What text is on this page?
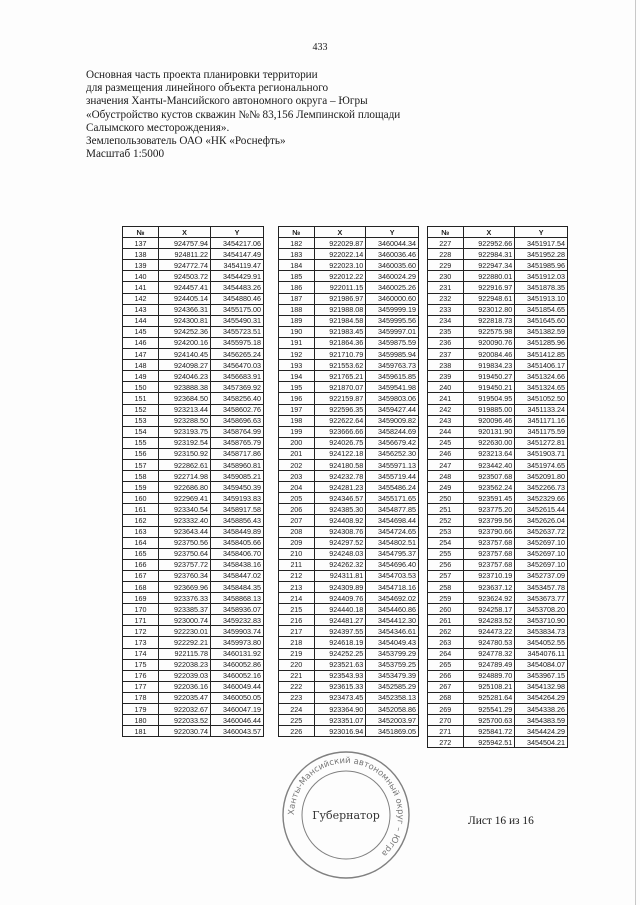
433
Основная часть проекта планировки территории
для размещения линейного объекта регионального
значения Ханты-Мансийского автономного округа – Югры
«Обустройство кустов скважин №№ 83,156 Лемпинской площади
Салымского месторождения».
Землепользователь ОАО «НК «Роснефть»
Масштаб 1:5000
№	X	Y
137	924757.94	3454217.06
138	924811.22	3454147.49
139	924772.74	3454119.47
140	924503.72	3454429.91
141	924457.41	3454483.26
142	924405.14	3454880.46
143	924366.31	3455175.00
144	924300.81	3455490.31
145	924252.36	3455723.51
146	924200.16	3455975.18
147	924140.45	3456265.24
148	924098.27	3456470.03
149	924046.23	3456683.91
150	923888.38	3457369.92
151	923684.50	3458256.40
152	923213.44	3458602.76
153	923288.50	3458696.63
154	923193.75	3458764.99
155	923192.54	3458765.79
156	923150.92	3458717.86
157	922862.61	3458960.81
158	922714.98	3459085.21
159	922686.80	3459450.39
160	922969.41	3459193.83
161	923340.54	3458917.58
162	923332.40	3458856.43
163	923643.44	3458449.89
164	923750.56	3458405.66
165	923750.64	3458406.70
166	923757.72	3458438.16
167	923760.34	3458447.02
168	923669.96	3458484.35
169	923376.33	3458868.13
170	923385.37	3458936.07
171	923000.74	3459232.83
172	922230.01	3459903.74
173	922292.21	3459973.80
174	922115.78	3460131.92
175	922038.23	3460052.86
176	922039.03	3460052.16
177	922036.16	3460049.44
178	922035.47	3460050.05
179	922032.67	3460047.19
180	922033.52	3460046.44
181	922030.74	3460043.57
№	X	Y
182	922029.87	3460044.34
183	922022.14	3460036.46
184	922023.10	3460035.60
185	922012.22	3460024.29
186	922011.15	3460025.26
187	921986.97	3460000.60
188	921988.08	3459999.19
189	921984.58	3459995.56
190	921983.45	3459997.01
191	921864.36	3459875.59
192	921710.79	3459985.94
193	921553.62	3459763.73
194	921765.21	3459615.85
195	921870.07	3459541.98
196	922159.87	3459803.06
197	922596.35	3459427.44
198	922622.64	3459009.82
199	923666.66	3458244.69
200	924026.75	3456679.42
201	924122.18	3456252.30
202	924180.58	3455971.13
203	924232.78	3455719.44
204	924281.23	3455486.24
205	924346.57	3455171.65
206	924385.30	3454877.85
207	924408.92	3454698.44
208	924308.76	3454724.65
209	924297.52	3454802.51
210	924248.03	3454795.37
211	924262.32	3454696.40
212	924311.81	3454703.53
213	924309.89	3454718.16
214	924409.76	3454692.02
215	924440.18	3454460.86
216	924481.27	3454412.30
217	924397.55	3454346.61
218	924618.19	3454049.43
219	924252.25	3453799.29
220	923521.63	3453759.25
221	923543.93	3453479.39
222	923615.33	3452585.29
223	923473.45	3452358.13
224	923364.90	3452058.86
225	923351.07	3452003.97
226	923016.94	3451869.05
№	X	Y
227	922952.66	3451917.54
228	922984.31	3451952.28
229	922947.34	3451985.96
230	922880.01	3451912.03
231	922916.97	3451878.35
232	922948.61	3451913.10
233	923012.80	3451854.65
234	922818.73	3451645.60
235	922575.98	3451382.59
236	920090.76	3451285.96
237	920084.46	3451412.85
238	919834.23	3451406.17
239	919450.27	3451324.66
240	919450.21	3451324.65
241	919504.95	3451052.50
242	919885.00	3451133.24
243	920096.46	3451171.16
244	920131.90	3451175.59
245	922630.00	3451272.81
246	923213.64	3451903.71
247	923442.40	3451974.65
248	923507.68	3452091.80
249	923562.24	3452266.73
250	923591.45	3452329.66
251	923775.20	3452615.44
252	923799.56	3452626.04
253	923790.66	3452637.72
254	923757.68	3452697.10
255	923757.68	3452697.10
256	923757.68	3452697.10
257	923710.19	3452737.09
258	923637.12	3453457.78
259	923624.92	3453673.77
260	924258.17	3453708.20
261	924283.52	3453710.90
262	924473.22	3453834.73
263	924780.53	3454052.55
264	924778.32	3454076.11
265	924789.49	3454084.07
266	924889.70	3453967.15
267	925108.21	3454132.98
268	925281.64	3454264.29
269	925541.29	3454338.26
270	925700.63	3454383.59
271	925841.72	3454424.29
272	925942.51	3454504.21
Ханты-Мансийский автономный округ – Югра
Губернатор	Лист 16 из 16
